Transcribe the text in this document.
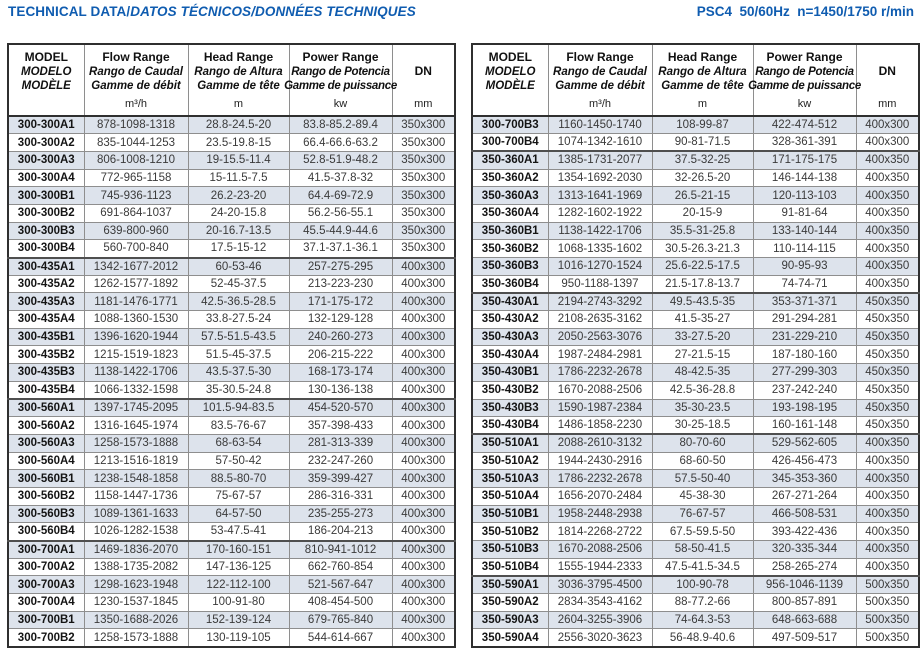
TECHNICAL DATA/DATOS TÉCNICOS/DONNÉES TECHNIQUES	PSC4  50/60Hz  n=1450/1750 r/min
MODEL
MODELO
MODÈLE

Flow Range
Rango de Caudal
Gamme de débit
m³/h

Head Range
Rango de Altura
Gamme de tête
m

Power Range
Rango de Potencia
Gamme de puissance
kw

DN
mm

300-300A1	878-1098-1318	28.8-24.5-20	83.8-85.2-89.4	350x300
300-300A2	835-1044-1253	23.5-19.8-15	66.4-66.6-63.2	350x300
300-300A3	806-1008-1210	19-15.5-11.4	52.8-51.9-48.2	350x300
300-300A4	772-965-1158	15-11.5-7.5	41.5-37.8-32	350x300
300-300B1	745-936-1123	26.2-23-20	64.4-69-72.9	350x300
300-300B2	691-864-1037	24-20-15.8	56.2-56-55.1	350x300
300-300B3	639-800-960	20-16.7-13.5	45.5-44.9-44.6	350x300
300-300B4	560-700-840	17.5-15-12	37.1-37.1-36.1	350x300
300-435A1	1342-1677-2012	60-53-46	257-275-295	400x300
300-435A2	1262-1577-1892	52-45-37.5	213-223-230	400x300
300-435A3	1181-1476-1771	42.5-36.5-28.5	171-175-172	400x300
300-435A4	1088-1360-1530	33.8-27.5-24	132-129-128	400x300
300-435B1	1396-1620-1944	57.5-51.5-43.5	240-260-273	400x300
300-435B2	1215-1519-1823	51.5-45-37.5	206-215-222	400x300
300-435B3	1138-1422-1706	43.5-37.5-30	168-173-174	400x300
300-435B4	1066-1332-1598	35-30.5-24.8	130-136-138	400x300
300-560A1	1397-1745-2095	101.5-94-83.5	454-520-570	400x300
300-560A2	1316-1645-1974	83.5-76-67	357-398-433	400x300
300-560A3	1258-1573-1888	68-63-54	281-313-339	400x300
300-560A4	1213-1516-1819	57-50-42	232-247-260	400x300
300-560B1	1238-1548-1858	88.5-80-70	359-399-427	400x300
300-560B2	1158-1447-1736	75-67-57	286-316-331	400x300
300-560B3	1089-1361-1633	64-57-50	235-255-273	400x300
300-560B4	1026-1282-1538	53-47.5-41	186-204-213	400x300
300-700A1	1469-1836-2070	170-160-151	810-941-1012	400x300
300-700A2	1388-1735-2082	147-136-125	662-760-854	400x300
300-700A3	1298-1623-1948	122-112-100	521-567-647	400x300
300-700A4	1230-1537-1845	100-91-80	408-454-500	400x300
300-700B1	1350-1688-2026	152-139-124	679-765-840	400x300
300-700B2	1258-1573-1888	130-119-105	544-614-667	400x300
MODEL
MODELO
MODÈLE

Flow Range
Rango de Caudal
Gamme de débit
m³/h

Head Range
Rango de Altura
Gamme de tête
m

Power Range
Rango de Potencia
Gamme de puissance
kw

DN
mm

300-700B3	1160-1450-1740	108-99-87	422-474-512	400x300
300-700B4	1074-1342-1610	90-81-71.5	328-361-391	400x300
350-360A1	1385-1731-2077	37.5-32-25	171-175-175	400x350
350-360A2	1354-1692-2030	32-26.5-20	146-144-138	400x350
350-360A3	1313-1641-1969	26.5-21-15	120-113-103	400x350
350-360A4	1282-1602-1922	20-15-9	91-81-64	400x350
350-360B1	1138-1422-1706	35.5-31-25.8	133-140-144	400x350
350-360B2	1068-1335-1602	30.5-26.3-21.3	110-114-115	400x350
350-360B3	1016-1270-1524	25.6-22.5-17.5	90-95-93	400x350
350-360B4	950-1188-1397	21.5-17.8-13.7	74-74-71	400x350
350-430A1	2194-2743-3292	49.5-43.5-35	353-371-371	450x350
350-430A2	2108-2635-3162	41.5-35-27	291-294-281	450x350
350-430A3	2050-2563-3076	33-27.5-20	231-229-210	450x350
350-430A4	1987-2484-2981	27-21.5-15	187-180-160	450x350
350-430B1	1786-2232-2678	48-42.5-35	277-299-303	450x350
350-430B2	1670-2088-2506	42.5-36-28.8	237-242-240	450x350
350-430B3	1590-1987-2384	35-30-23.5	193-198-195	450x350
350-430B4	1486-1858-2230	30-25-18.5	160-161-148	450x350
350-510A1	2088-2610-3132	80-70-60	529-562-605	400x350
350-510A2	1944-2430-2916	68-60-50	426-456-473	400x350
350-510A3	1786-2232-2678	57.5-50-40	345-353-360	400x350
350-510A4	1656-2070-2484	45-38-30	267-271-264	400x350
350-510B1	1958-2448-2938	76-67-57	466-508-531	400x350
350-510B2	1814-2268-2722	67.5-59.5-50	393-422-436	400x350
350-510B3	1670-2088-2506	58-50-41.5	320-335-344	400x350
350-510B4	1555-1944-2333	47.5-41.5-34.5	258-265-274	400x350
350-590A1	3036-3795-4500	100-90-78	956-1046-1139	500x350
350-590A2	2834-3543-4162	88-77.2-66	800-857-891	500x350
350-590A3	2604-3255-3906	74-64.3-53	648-663-688	500x350
350-590A4	2556-3020-3623	56-48.9-40.6	497-509-517	500x350
